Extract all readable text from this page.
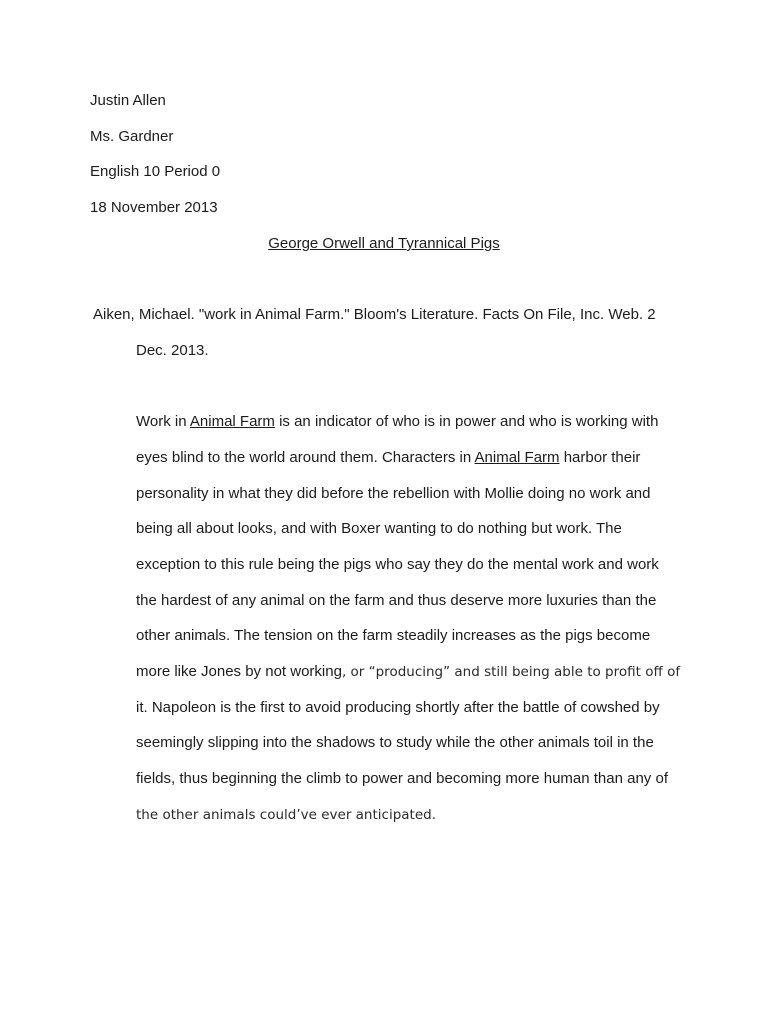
Justin Allen
Ms. Gardner
English 10 Period 0
18 November 2013
George Orwell and Tyrannical Pigs
Aiken, Michael. "work in Animal Farm." Bloom's Literature. Facts On File, Inc. Web. 2
Dec. 2013.
Work in Animal Farm is an indicator of who is in power and who is working with
eyes blind to the world around them. Characters in Animal Farm harbor their
personality in what they did before the rebellion with Mollie doing no work and
being all about looks, and with Boxer wanting to do nothing but work. The
exception to this rule being the pigs who say they do the mental work and work
the hardest of any animal on the farm and thus deserve more luxuries than the
other animals. The tension on the farm steadily increases as the pigs become
more like Jones by not working, or “producing” and still being able to profit off of
it. Napoleon is the first to avoid producing shortly after the battle of cowshed by
seemingly slipping into the shadows to study while the other animals toil in the
fields, thus beginning the climb to power and becoming more human than any of
the other animals could’ve ever anticipated.
